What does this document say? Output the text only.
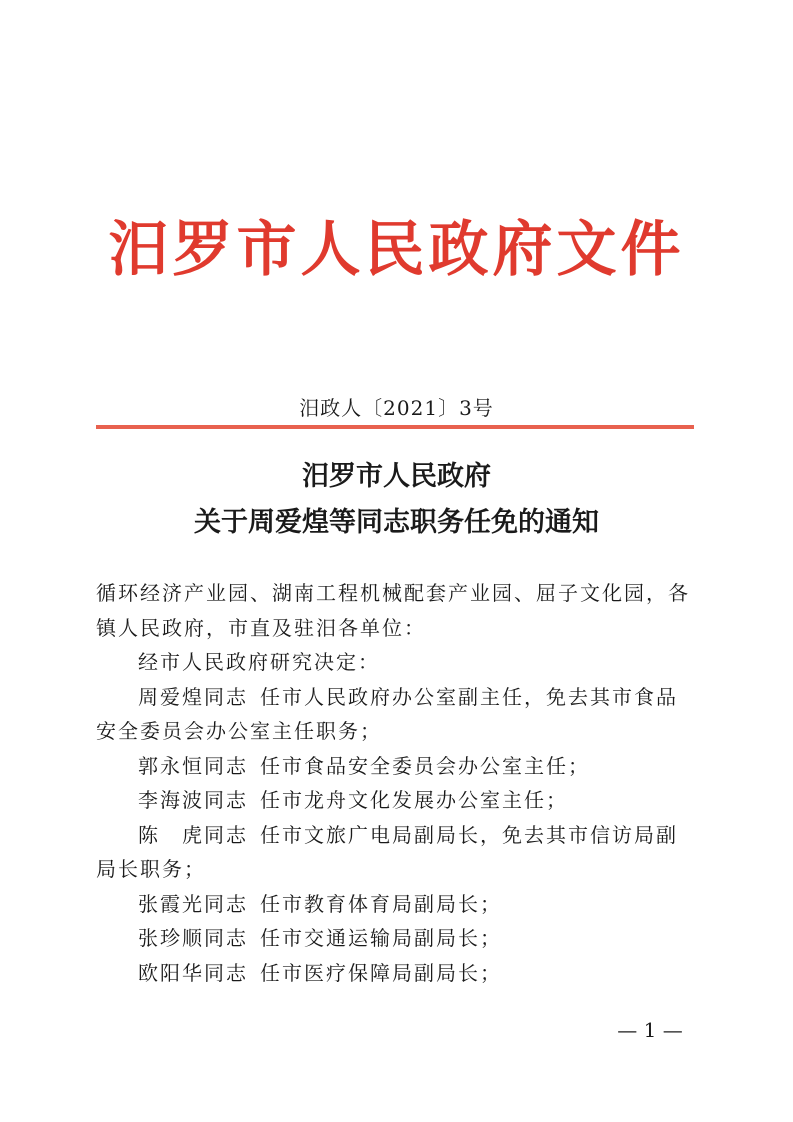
汨罗市人民政府文件
汨政人〔2021〕3号
汨罗市人民政府
关于周爱煌等同志职务任免的通知
循环经济产业园、湖南工程机械配套产业园、屈子文化园，各
镇人民政府，市直及驻汨各单位：
经市人民政府研究决定：
周爱煌同志 任市人民政府办公室副主任，免去其市食品
安全委员会办公室主任职务；
郭永恒同志 任市食品安全委员会办公室主任；
李海波同志 任市龙舟文化发展办公室主任；
陈　虎同志 任市文旅广电局副局长，免去其市信访局副
局长职务；
张霞光同志 任市教育体育局副局长；
张珍顺同志 任市交通运输局副局长；
欧阳华同志 任市医疗保障局副局长；
— 1 —
